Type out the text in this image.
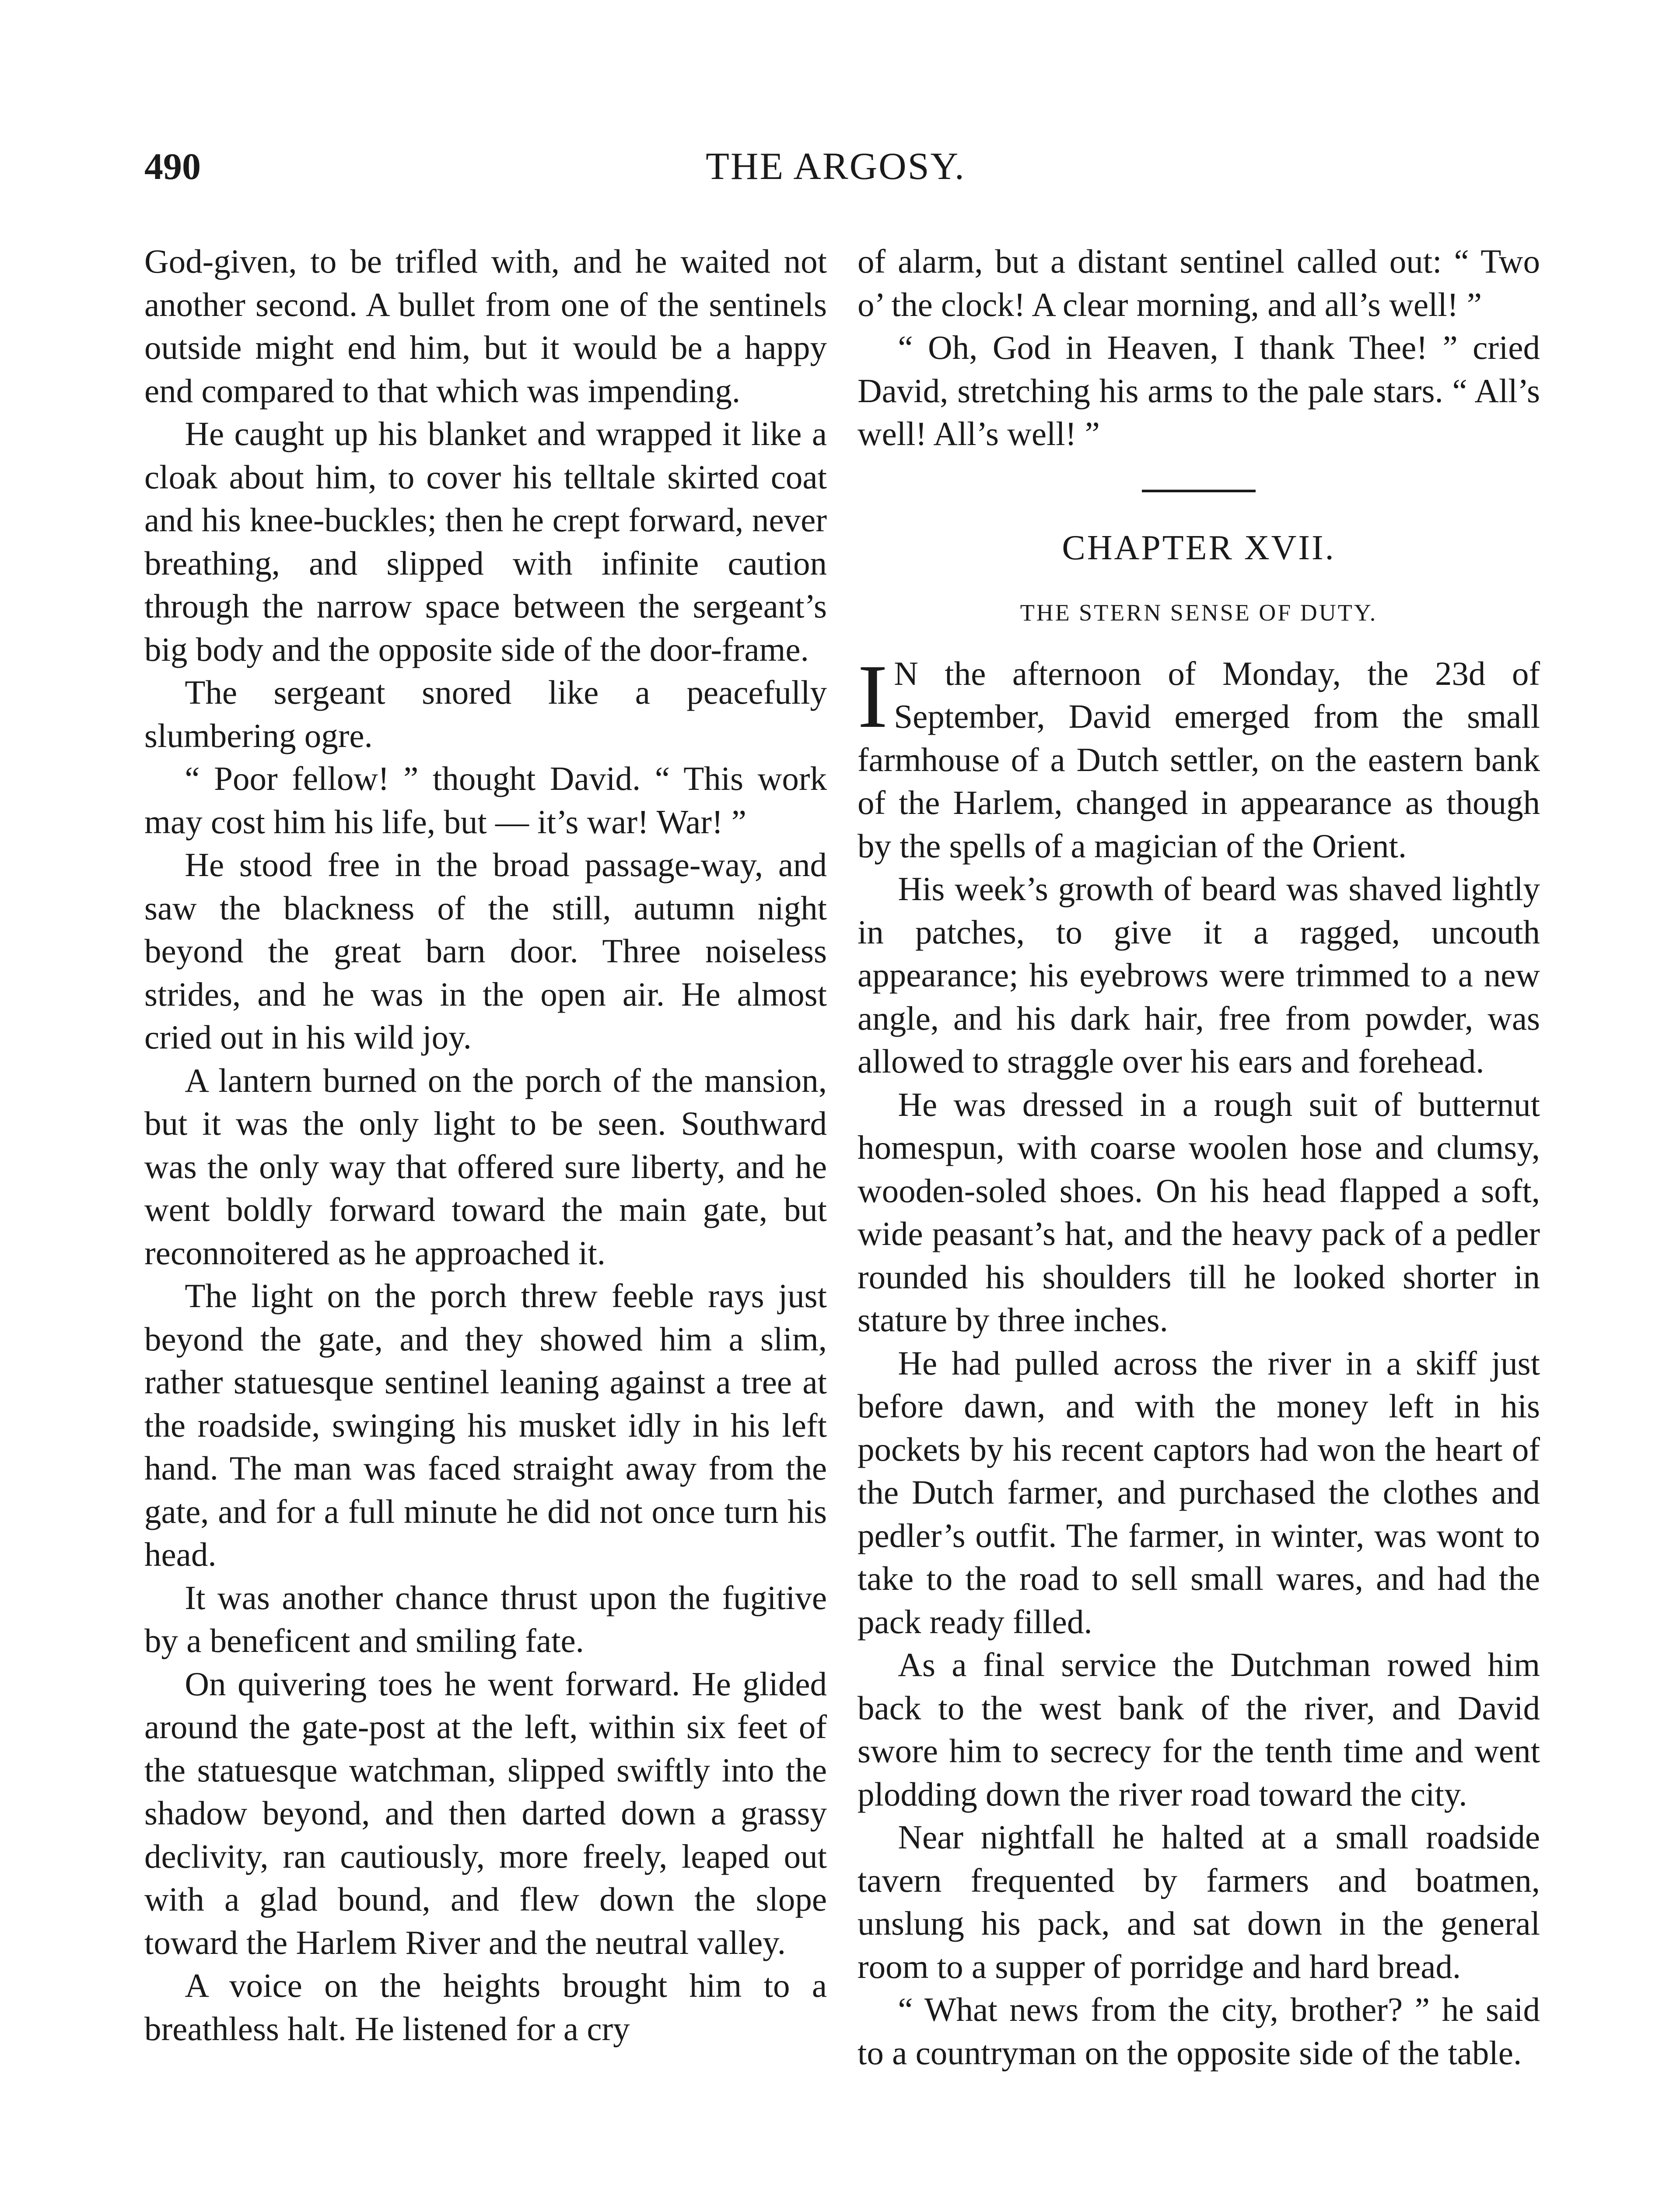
490	THE ARGOSY.

God-given, to be trifled with, and he waited not another second. A bullet from one of the sentinels outside might end him, but it would be a happy end compared to that which was impending.

He caught up his blanket and wrapped it like a cloak about him, to cover his telltale skirted coat and his knee-buckles; then he crept forward, never breathing, and slipped with infinite caution through the narrow space between the sergeant’s big body and the opposite side of the door-frame.

The sergeant snored like a peacefully slumbering ogre.

“ Poor fellow! ” thought David. “ This work may cost him his life, but — it’s war! War! ”

He stood free in the broad passage-way, and saw the blackness of the still, autumn night beyond the great barn door. Three noiseless strides, and he was in the open air. He almost cried out in his wild joy.

A lantern burned on the porch of the mansion, but it was the only light to be seen. Southward was the only way that offered sure liberty, and he went boldly forward toward the main gate, but reconnoitered as he approached it.

The light on the porch threw feeble rays just beyond the gate, and they showed him a slim, rather statuesque sentinel leaning against a tree at the roadside, swinging his musket idly in his left hand. The man was faced straight away from the gate, and for a full minute he did not once turn his head.

It was another chance thrust upon the fugitive by a beneficent and smiling fate.

On quivering toes he went forward. He glided around the gate-post at the left, within six feet of the statuesque watchman, slipped swiftly into the shadow beyond, and then darted down a grassy declivity, ran cautiously, more freely, leaped out with a glad bound, and flew down the slope toward the Harlem River and the neutral valley.

A voice on the heights brought him to a breathless halt. He listened for a cry

of alarm, but a distant sentinel called out: “ Two o’ the clock! A clear morning, and all’s well! ”

“ Oh, God in Heaven, I thank Thee! ” cried David, stretching his arms to the pale stars. “ All’s well! All’s well! ”

CHAPTER XVII.
THE STERN SENSE OF DUTY.

I N the afternoon of Monday, the 23d of September, David emerged from the small farmhouse of a Dutch settler, on the eastern bank of the Harlem, changed in appearance as though by the spells of a magician of the Orient.

His week’s growth of beard was shaved lightly in patches, to give it a ragged, uncouth appearance; his eyebrows were trimmed to a new angle, and his dark hair, free from powder, was allowed to straggle over his ears and forehead.

He was dressed in a rough suit of butternut homespun, with coarse woolen hose and clumsy, wooden-soled shoes. On his head flapped a soft, wide peasant’s hat, and the heavy pack of a pedler rounded his shoulders till he looked shorter in stature by three inches.

He had pulled across the river in a skiff just before dawn, and with the money left in his pockets by his recent captors had won the heart of the Dutch farmer, and purchased the clothes and pedler’s outfit. The farmer, in winter, was wont to take to the road to sell small wares, and had the pack ready filled.

As a final service the Dutchman rowed him back to the west bank of the river, and David swore him to secrecy for the tenth time and went plodding down the river road toward the city.

Near nightfall he halted at a small roadside tavern frequented by farmers and boatmen, unslung his pack, and sat down in the general room to a supper of porridge and hard bread.

“ What news from the city, brother? ” he said to a countryman on the opposite side of the table.
